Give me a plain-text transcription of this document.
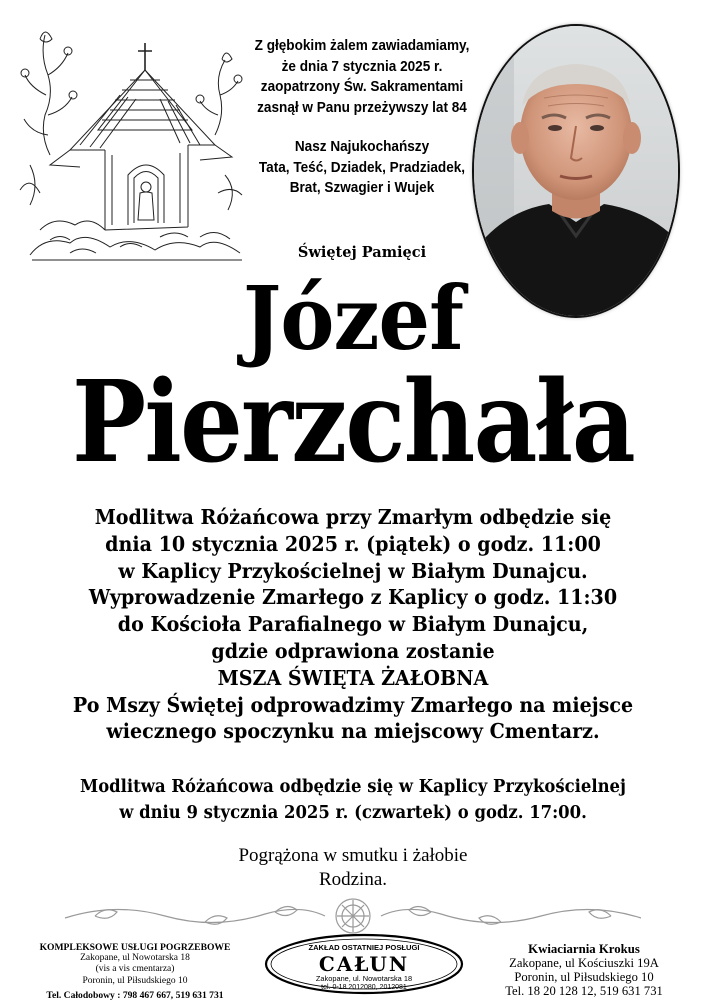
Z głębokim żalem zawiadamiamy,
że dnia 7 stycznia 2025 r.
zaopatrzony Św. Sakramentami
zasnął w Panu przeżywszy lat 84
Nasz Najukochańszy
Tata, Teść, Dziadek, Pradziadek,
Brat, Szwagier i Wujek
Świętej Pamięci
Józef
Pierzchała
Modlitwa Różańcowa przy Zmarłym odbędzie się
dnia 10 stycznia 2025 r. (piątek) o godz. 11:00
w Kaplicy Przykościelnej w Białym Dunajcu.
Wyprowadzenie Zmarłego z Kaplicy o godz. 11:30
do Kościoła Parafialnego w Białym Dunajcu,
gdzie odprawiona zostanie
MSZA ŚWIĘTA ŻAŁOBNA
Po Mszy Świętej odprowadzimy Zmarłego na miejsce
wiecznego spoczynku na miejscowy Cmentarz.
Modlitwa Różańcowa odbędzie się w Kaplicy Przykościelnej
w dniu 9 stycznia 2025 r. (czwartek) o godz. 17:00.
Pogrążona w smutku i żałobie
Rodzina.
KOMPLEKSOWE USŁUGI POGRZEBOWE
Zakopane, ul Nowotarska 18
(vis a vis cmentarza)
Poronin, ul Piłsudskiego 10
Tel. Całodobowy : 798 467 667, 519 631 731
ZAKŁAD OSTATNIEJ POSŁUGI
CAŁUN
Zakopane, ul. Nowotarska 18
tel. 0-18 2012080, 2012081
Kwiaciarnia Krokus
Zakopane, ul Kościuszki 19A
Poronin, ul Piłsudskiego 10
Tel. 18 20 128 12, 519 631 731
